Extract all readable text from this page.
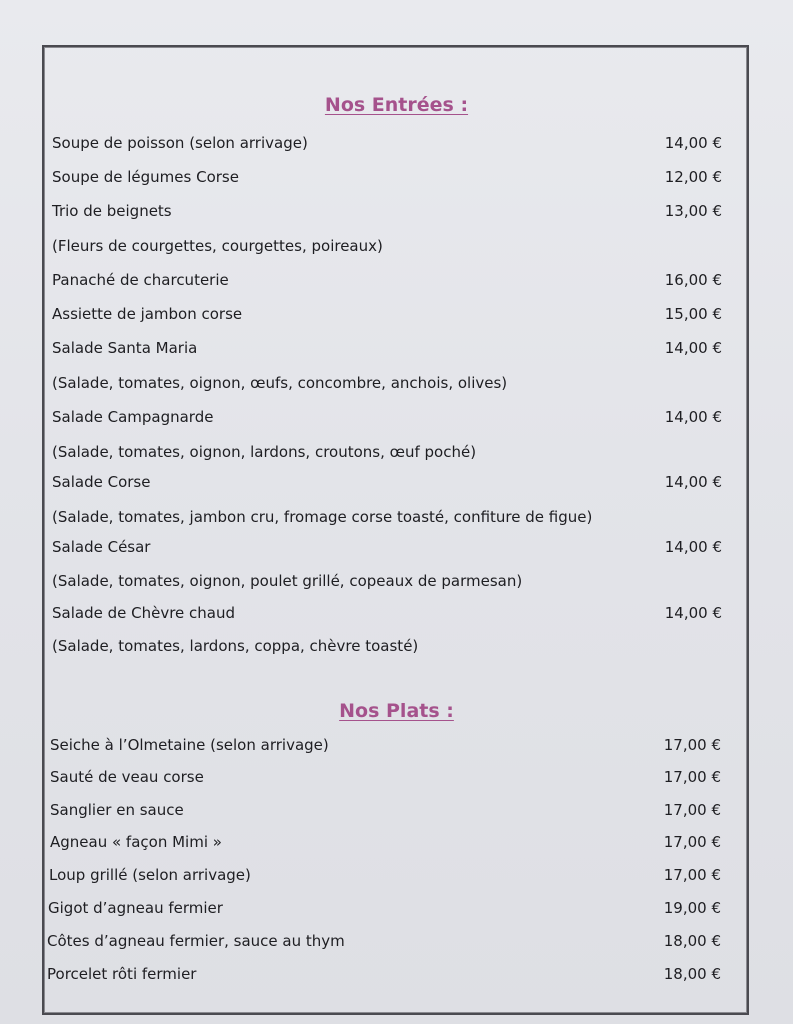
Nos Entrées :
Soupe de poisson (selon arrivage)	14,00 €
Soupe de légumes Corse	12,00 €
Trio de beignets	13,00 €
(Fleurs de courgettes, courgettes, poireaux)
Panaché de charcuterie	16,00 €
Assiette de jambon corse	15,00 €
Salade Santa Maria	14,00 €
(Salade, tomates, oignon, œufs, concombre, anchois, olives)
Salade Campagnarde	14,00 €
(Salade, tomates, oignon, lardons, croutons, œuf poché)
Salade Corse	14,00 €
(Salade, tomates, jambon cru, fromage corse toasté, confiture de figue)
Salade César	14,00 €
(Salade, tomates, oignon, poulet grillé, copeaux de parmesan)
Salade de Chèvre chaud	14,00 €
(Salade, tomates, lardons, coppa, chèvre toasté)
Nos Plats :
Seiche à l’Olmetaine (selon arrivage)	17,00 €
Sauté de veau corse	17,00 €
Sanglier en sauce	17,00 €
Agneau « façon Mimi »	17,00 €
Loup grillé (selon arrivage)	17,00 €
Gigot d’agneau fermier	19,00 €
Côtes d’agneau fermier, sauce au thym	18,00 €
Porcelet rôti fermier	18,00 €
